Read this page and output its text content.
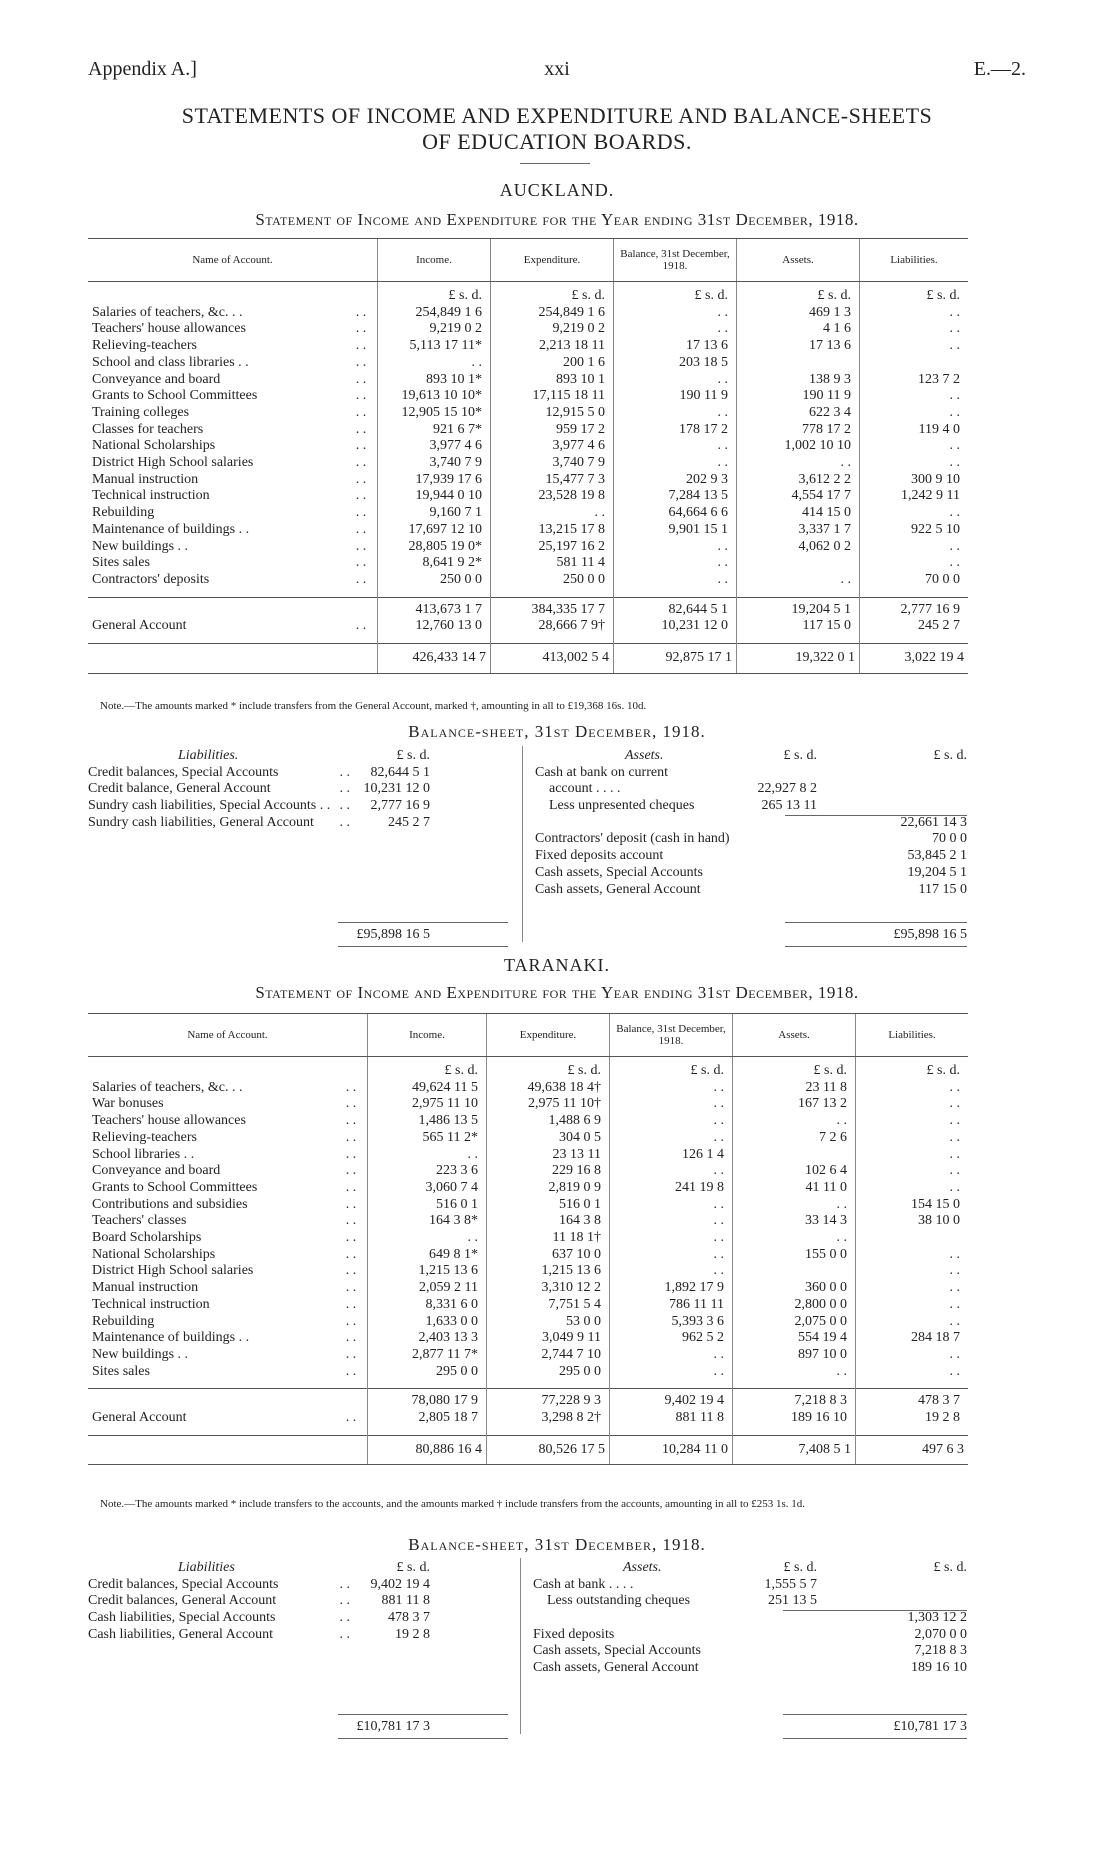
Appendix A.]	xxi	E.—2.
STATEMENTS OF INCOME AND EXPENDITURE AND BALANCE-SHEETS
OF EDUCATION BOARDS.
AUCKLAND.
Statement of Income and Expenditure for the Year ending 31st December, 1918.
Name of Account.		Income.	Expenditure.	Balance, 31st December, 1918.	Assets.	Liabilities.
		£ s. d.	£ s. d.	£ s. d.	£ s. d.	£ s. d.
Salaries of teachers, &c. . .	. .	254,849 1 6	254,849 1 6	. .	469 1 3	. .
Teachers' house allowances	. .	9,219 0 2	9,219 0 2	. .	4 1 6	. .
Relieving-teachers	. .	5,113 17 11*	2,213 18 11	17 13 6	17 13 6	. .
School and class libraries . .	. .	. .	200 1 6	203 18 5		
Conveyance and board	. .	893 10 1*	893 10 1	. .	138 9 3	123 7 2
Grants to School Committees	. .	19,613 10 10*	17,115 18 11	190 11 9	190 11 9	. .
Training colleges	. .	12,905 15 10*	12,915 5 0	. .	622 3 4	. .
Classes for teachers	. .	921 6 7*	959 17 2	178 17 2	778 17 2	119 4 0
National Scholarships	. .	3,977 4 6	3,977 4 6	. .	1,002 10 10	. .
District High School salaries	. .	3,740 7 9	3,740 7 9	. .	. .	. .
Manual instruction	. .	17,939 17 6	15,477 7 3	202 9 3	3,612 2 2	300 9 10
Technical instruction	. .	19,944 0 10	23,528 19 8	7,284 13 5	4,554 17 7	1,242 9 11
Rebuilding	. .	9,160 7 1	. .	64,664 6 6	414 15 0	. .
Maintenance of buildings . .	. .	17,697 12 10	13,215 17 8	9,901 15 1	3,337 1 7	922 5 10
New buildings . .	. .	28,805 19 0*	25,197 16 2	. .	4,062 0 2	. .
Sites sales	. .	8,641 9 2*	581 11 4	. .		. .
Contractors' deposits	. .	250 0 0	250 0 0	. .	. .	70 0 0

		413,673 1 7	384,335 17 7	82,644 5 1	19,204 5 1	2,777 16 9
General Account	. .	12,760 13 0	28,666 7 9†	10,231 12 0	117 15 0	245 2 7

		426,433 14 7	413,002 5 4	92,875 17 1	19,322 0 1	3,022 19 4
Note.—The amounts marked * include transfers from the General Account, marked †, amounting in all to £19,368 16s. 10d.
Balance-sheet, 31st December, 1918.
Liabilities.	£ s. d.
Credit balances, Special Accounts	. . 82,644 5 1
Credit balance, General Account	. . 10,231 12 0
Sundry cash liabilities, Special Accounts . . . . 2,777 16 9
Sundry cash liabilities, General Account . .	245 2 7
£95,898 16 5
Assets.	£ s. d.	£ s. d.
Cash at bank on current
account . . . .	22,927 8 2
Less unpresented cheques	265 13 11
22,661 14 3
Contractors' deposit (cash in hand)	70 0 0
Fixed deposits account	53,845 2 1
Cash assets, Special Accounts	19,204 5 1
Cash assets, General Account	117 15 0
£95,898 16 5
TARANAKI.
Statement of Income and Expenditure for the Year ending 31st December, 1918.
Name of Account.		Income.	Expenditure.	Balance, 31st December, 1918.	Assets.	Liabilities.
		£ s. d.	£ s. d.	£ s. d.	£ s. d.	£ s. d.
Salaries of teachers, &c. . .	. .	49,624 11 5	49,638 18 4†	. .	23 11 8	. .
War bonuses	. .	2,975 11 10	2,975 11 10†	. .	167 13 2	. .
Teachers' house allowances	. .	1,486 13 5	1,488 6 9	. .	. .	. .
Relieving-teachers	. .	565 11 2*	304 0 5	. .	7 2 6	. .
School libraries . .	. .	. .	23 13 11	126 1 4		. .
Conveyance and board	. .	223 3 6	229 16 8	. .	102 6 4	. .
Grants to School Committees	. .	3,060 7 4	2,819 0 9	241 19 8	41 11 0	. .
Contributions and subsidies	. .	516 0 1	516 0 1	. .	. .	154 15 0
Teachers' classes	. .	164 3 8*	164 3 8	. .	33 14 3	38 10 0
Board Scholarships	. .	. .	11 18 1†	. .	. .	
National Scholarships	. .	649 8 1*	637 10 0	. .	155 0 0	. .
District High School salaries	. .	1,215 13 6	1,215 13 6	. .		. .
Manual instruction	. .	2,059 2 11	3,310 12 2	1,892 17 9	360 0 0	. .
Technical instruction	. .	8,331 6 0	7,751 5 4	786 11 11	2,800 0 0	. .
Rebuilding	. .	1,633 0 0	53 0 0	5,393 3 6	2,075 0 0	. .
Maintenance of buildings . .	. .	2,403 13 3	3,049 9 11	962 5 2	554 19 4	284 18 7
New buildings . .	. .	2,877 11 7*	2,744 7 10	. .	897 10 0	. .
Sites sales	. .	295 0 0	295 0 0	. .	. .	. .

		78,080 17 9	77,228 9 3	9,402 19 4	7,218 8 3	478 3 7
General Account	. .	2,805 18 7	3,298 8 2†	881 11 8	189 16 10	19 2 8

		80,886 16 4	80,526 17 5	10,284 11 0	7,408 5 1	497 6 3
Note.—The amounts marked * include transfers to the accounts, and the amounts marked † include transfers from the accounts, amounting in all to £253 1s. 1d.
Balance-sheet, 31st December, 1918.
Liabilities	£ s. d.
Credit balances, Special Accounts	. . 9,402 19 4
Credit balances, General Account	. . 881 11 8
Cash liabilities, Special Accounts	. .	478 3 7
Cash liabilities, General Account	. .	19 2 8
£10,781 17 3
Assets.	£ s. d.	£ s. d.
Cash at bank . . . .	1,555 5 7
Less outstanding cheques	251 13 5
1,303 12 2
Fixed deposits	2,070 0 0
Cash assets, Special Accounts	7,218 8 3
Cash assets, General Account	189 16 10
£10,781 17 3
